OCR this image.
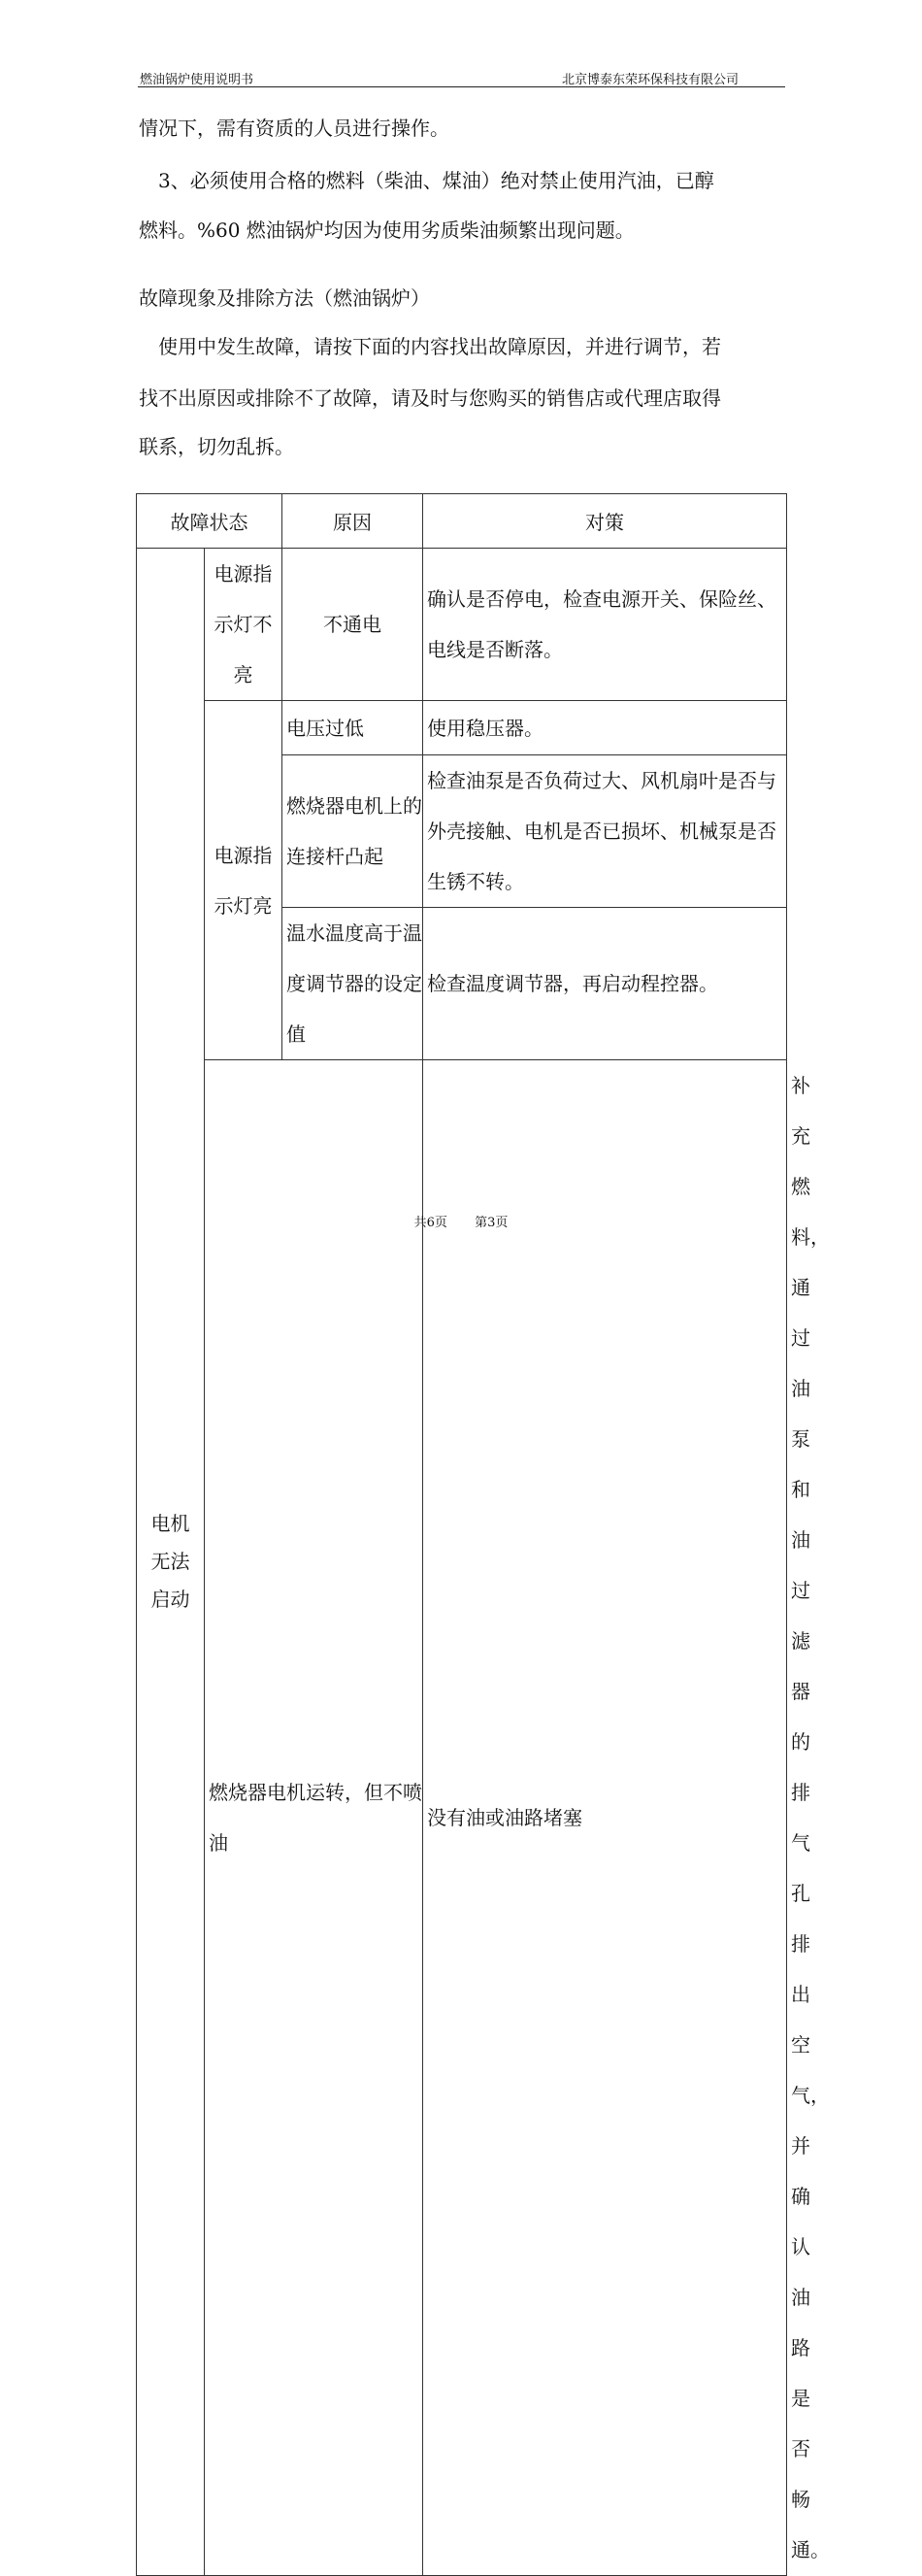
燃油锅炉使用说明书	北京博泰东荣环保科技有限公司
情况下，需有资质的人员进行操作。
　3、必须使用合格的燃料（柴油、煤油）绝对禁止使用汽油，已醇
燃料。%60 燃油锅炉均因为使用劣质柴油频繁出现问题。
故障现象及排除方法（燃油锅炉）
　使用中发生故障，请按下面的内容找出故障原因，并进行调节，若
找不出原因或排除不了故障，请及时与您购买的销售店或代理店取得
联系，切勿乱拆。
故障状态		原因	对策	

电机无法启动	电源指示灯不亮	不通电	确认是否停电，检查电源开关、保险丝、电线是否断落。	

	电源指示灯亮	电压过低	使用稳压器。	

		燃烧器电机上的连接杆凸起	检查油泵是否负荷过大、风机扇叶是否与外壳接触、电机是否已损坏、机械泵是否生锈不转。	

		温水温度高于温度调节器的设定值	检查温度调节器，再启动程控器。	

	燃烧器电机运转，但不喷油		没有油或油路堵塞	补充燃料，通过油泵和油过滤器的排气孔排出空气，并确认油路是否畅通。
共6页 第3页
